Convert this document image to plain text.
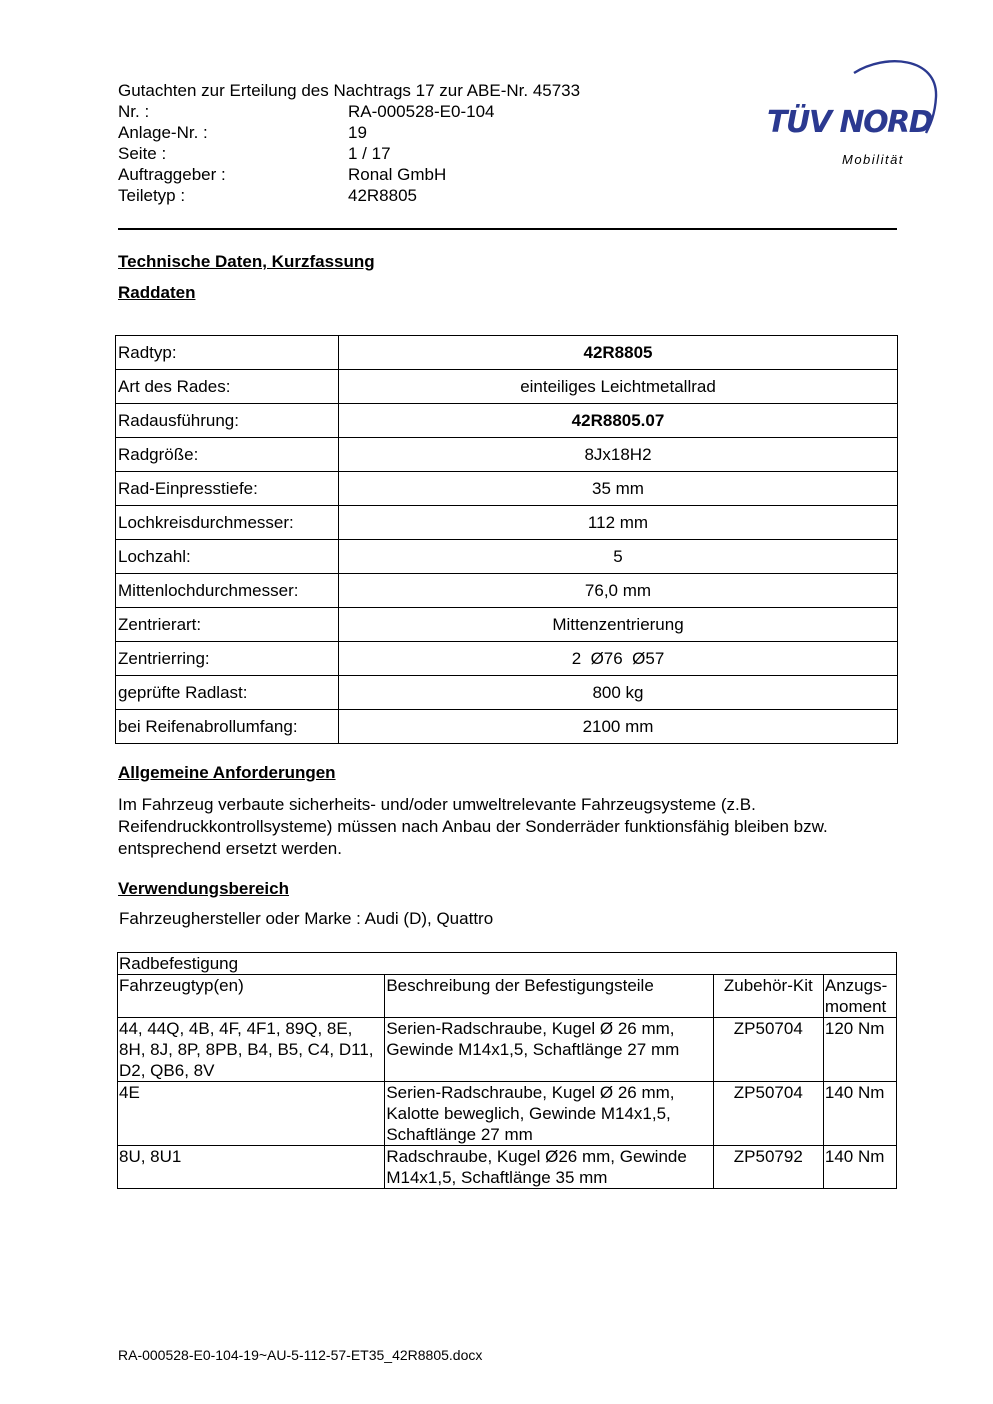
Gutachten zur Erteilung des Nachtrags 17 zur ABE-Nr. 45733
Nr. :	RA-000528-E0-104
Anlage-Nr. :	19
Seite :	1 / 17
Auftraggeber :	Ronal GmbH
Teiletyp :	42R8805
TÜV NORD
Mobilität
Technische Daten, Kurzfassung
Raddaten
Radtyp:	42R8805
Art des Rades:	einteiliges Leichtmetallrad
Radausführung:	42R8805.07
Radgröße:	8Jx18H2
Rad-Einpresstiefe:	35 mm
Lochkreisdurchmesser:	112 mm
Lochzahl:	5
Mittenlochdurchmesser:	76,0 mm
Zentrierart:	Mittenzentrierung
Zentrierring:	2  Ø76  Ø57
geprüfte Radlast:	800 kg
bei Reifenabrollumfang:	2100 mm
Allgemeine Anforderungen
Im Fahrzeug verbaute sicherheits- und/oder umweltrelevante Fahrzeugsysteme (z.B. Reifendruckkontrollsysteme) müssen nach Anbau der Sonderräder funktionsfähig bleiben bzw. entsprechend ersetzt werden.
Verwendungsbereich
Fahrzeughersteller oder Marke : Audi (D), Quattro
Radbefestigung			
Fahrzeugtyp(en)	Beschreibung der Befestigungsteile	Zubehör-Kit	Anzugs-moment
44, 44Q, 4B, 4F, 4F1, 89Q, 8E, 8H, 8J, 8P, 8PB, B4, B5, C4, D11, D2, QB6, 8V	Serien-Radschraube, Kugel Ø 26 mm, Gewinde M14x1,5, Schaftlänge 27 mm	ZP50704	120 Nm
4E	Serien-Radschraube, Kugel Ø 26 mm, Kalotte beweglich, Gewinde M14x1,5, Schaftlänge 27 mm	ZP50704	140 Nm
8U, 8U1	Radschraube, Kugel Ø26 mm, Gewinde M14x1,5, Schaftlänge 35 mm	ZP50792	140 Nm
RA-000528-E0-104-19~AU-5-112-57-ET35_42R8805.docx
